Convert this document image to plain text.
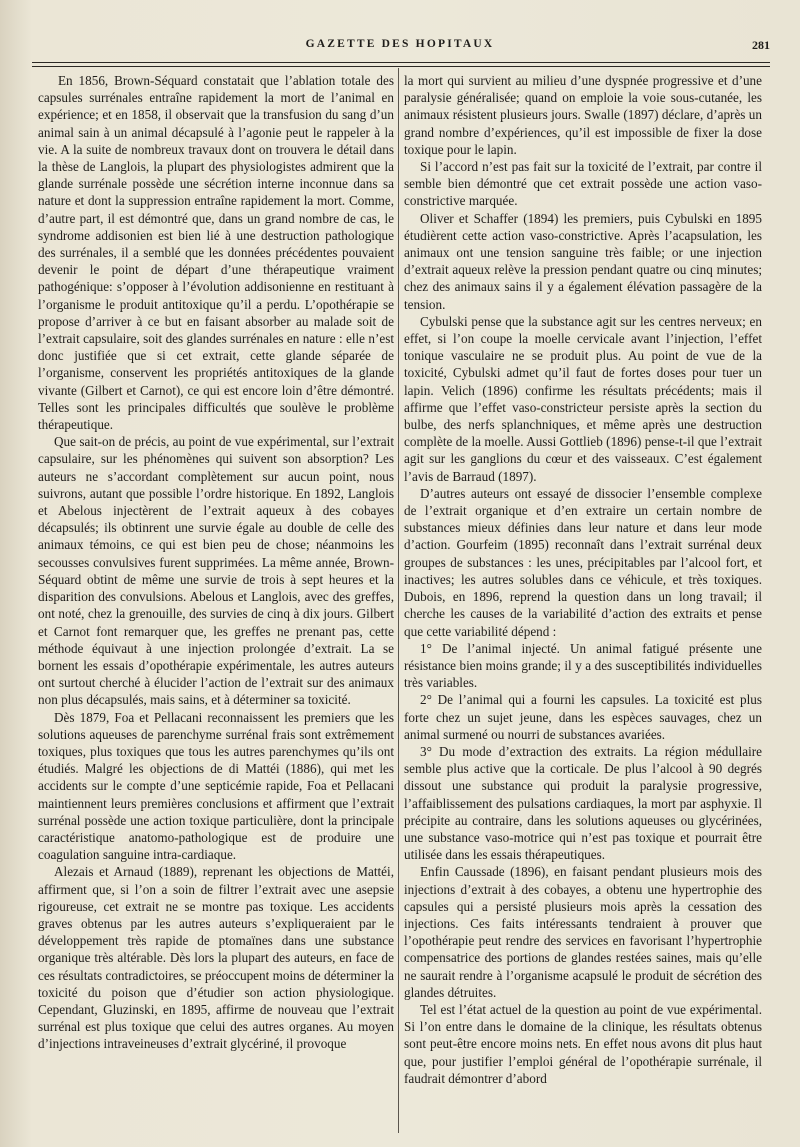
GAZETTE DES HOPITAUX	281

En 1856, Brown-Séquard constatait que l’ablation totale des capsules surrénales entraîne rapidement la mort de l’animal en expérience; et en 1858, il observait que la transfusion du sang d’un animal sain à un animal décapsulé à l’agonie peut le rappeler à la vie. A la suite de nombreux travaux dont on trouvera le détail dans la thèse de Langlois, la plupart des physiologistes admirent que la glande surrénale possède une sécrétion interne inconnue dans sa nature et dont la suppression entraîne rapidement la mort. Comme, d’autre part, il est démontré que, dans un grand nombre de cas, le syndrome addisonien est bien lié à une destruction pathologique des surrénales, il a semblé que les données précédentes pouvaient devenir le point de départ d’une thérapeutique vraiment pathogénique: s’opposer à l’évolution addisonienne en restituant à l’organisme le produit antitoxique qu’il a perdu. L’opothérapie se propose d’arriver à ce but en faisant absorber au malade soit de l’extrait capsulaire, soit des glandes surrénales en nature : elle n’est donc justifiée que si cet extrait, cette glande séparée de l’organisme, conservent les propriétés antitoxiques de la glande vivante (Gilbert et Carnot), ce qui est encore loin d’être démontré. Telles sont les principales difficultés que soulève le problème thérapeutique.

Que sait-on de précis, au point de vue expérimental, sur l’extrait capsulaire, sur les phénomènes qui suivent son absorption? Les auteurs ne s’accordant complètement sur aucun point, nous suivrons, autant que possible l’ordre historique. En 1892, Langlois et Abelous injectèrent de l’extrait aqueux à des cobayes décapsulés; ils obtinrent une survie égale au double de celle des animaux témoins, ce qui est bien peu de chose; néanmoins les secousses convulsives furent supprimées. La même année, Brown-Séquard obtint de même une survie de trois à sept heures et la disparition des convulsions. Abelous et Langlois, avec des greffes, ont noté, chez la grenouille, des survies de cinq à dix jours. Gilbert et Carnot font remarquer que, les greffes ne prenant pas, cette méthode équivaut à une injection prolongée d’extrait. La se bornent les essais d’opothérapie expérimentale, les autres auteurs ont surtout cherché à élucider l’action de l’extrait sur des animaux non plus décapsulés, mais sains, et à déterminer sa toxicité.

Dès 1879, Foa et Pellacani reconnaissent les premiers que les solutions aqueuses de parenchyme surrénal frais sont extrêmement toxiques, plus toxiques que tous les autres parenchymes qu’ils ont étudiés. Malgré les objections de di Mattéi (1886), qui met les accidents sur le compte d’une septicémie rapide, Foa et Pellacani maintiennent leurs premières conclusions et affirment que l’extrait surrénal possède une action toxique particulière, dont la principale caractéristique anatomo-pathologique est de produire une coagulation sanguine intra-cardiaque.

Alezais et Arnaud (1889), reprenant les objections de Mattéi, affirment que, si l’on a soin de filtrer l’extrait avec une asepsie rigoureuse, cet extrait ne se montre pas toxique. Les accidents graves obtenus par les autres auteurs s’expliqueraient par le développement très rapide de ptomaïnes dans une substance organique très altérable. Dès lors la plupart des auteurs, en face de ces résultats contradictoires, se préoccupent moins de déterminer la toxicité du poison que d’étudier son action physiologique. Cependant, Gluzinski, en 1895, affirme de nouveau que l’extrait surrénal est plus toxique que celui des autres organes. Au moyen d’injections intraveineuses d’extrait glycériné, il provoque

la mort qui survient au milieu d’une dyspnée progressive et d’une paralysie généralisée; quand on emploie la voie sous-cutanée, les animaux résistent plusieurs jours. Swalle (1897) déclare, d’après un grand nombre d’expériences, qu’il est impossible de fixer la dose toxique pour le lapin.

Si l’accord n’est pas fait sur la toxicité de l’extrait, par contre il semble bien démontré que cet extrait possède une action vaso-constrictive marquée.

Oliver et Schaffer (1894) les premiers, puis Cybulski en 1895 étudièrent cette action vaso-constrictive. Après l’acapsulation, les animaux ont une tension sanguine très faible; or une injection d’extrait aqueux relève la pression pendant quatre ou cinq minutes; chez des animaux sains il y a également élévation passagère de la tension.

Cybulski pense que la substance agit sur les centres nerveux; en effet, si l’on coupe la moelle cervicale avant l’injection, l’effet tonique vasculaire ne se produit plus. Au point de vue de la toxicité, Cybulski admet qu’il faut de fortes doses pour tuer un lapin. Velich (1896) confirme les résultats précédents; mais il affirme que l’effet vaso-constricteur persiste après la section du bulbe, des nerfs splanchniques, et même après une destruction complète de la moelle. Aussi Gottlieb (1896) pense-t-il que l’extrait agit sur les ganglions du cœur et des vaisseaux. C’est également l’avis de Barraud (1897).

D’autres auteurs ont essayé de dissocier l’ensemble complexe de l’extrait organique et d’en extraire un certain nombre de substances mieux définies dans leur nature et dans leur mode d’action. Gourfeim (1895) reconnaît dans l’extrait surrénal deux groupes de substances : les unes, précipitables par l’alcool fort, et inactives; les autres solubles dans ce véhicule, et très toxiques. Dubois, en 1896, reprend la question dans un long travail; il cherche les causes de la variabilité d’action des extraits et pense que cette variabilité dépend :

1° De l’animal injecté. Un animal fatigué présente une résistance bien moins grande; il y a des susceptibilités individuelles très variables.

2° De l’animal qui a fourni les capsules. La toxicité est plus forte chez un sujet jeune, dans les espèces sauvages, chez un animal surmené ou nourri de substances avariées.

3° Du mode d’extraction des extraits. La région médullaire semble plus active que la corticale. De plus l’alcool à 90 degrés dissout une substance qui produit la paralysie progressive, l’affaiblissement des pulsations cardiaques, la mort par asphyxie. Il précipite au contraire, dans les solutions aqueuses ou glycérinées, une substance vaso-motrice qui n’est pas toxique et pourrait être utilisée dans les essais thérapeutiques.

Enfin Caussade (1896), en faisant pendant plusieurs mois des injections d’extrait à des cobayes, a obtenu une hypertrophie des capsules qui a persisté plusieurs mois après la cessation des injections. Ces faits intéressants tendraient à prouver que l’opothérapie peut rendre des services en favorisant l’hypertrophie compensatrice des portions de glandes restées saines, mais qu’elle ne saurait rendre à l’organisme acapsulé le produit de sécrétion des glandes détruites.

Tel est l’état actuel de la question au point de vue expérimental. Si l’on entre dans le domaine de la clinique, les résultats obtenus sont peut-être encore moins nets. En effet nous avons dit plus haut que, pour justifier l’emploi général de l’opothérapie surrénale, il faudrait démontrer d’abord
